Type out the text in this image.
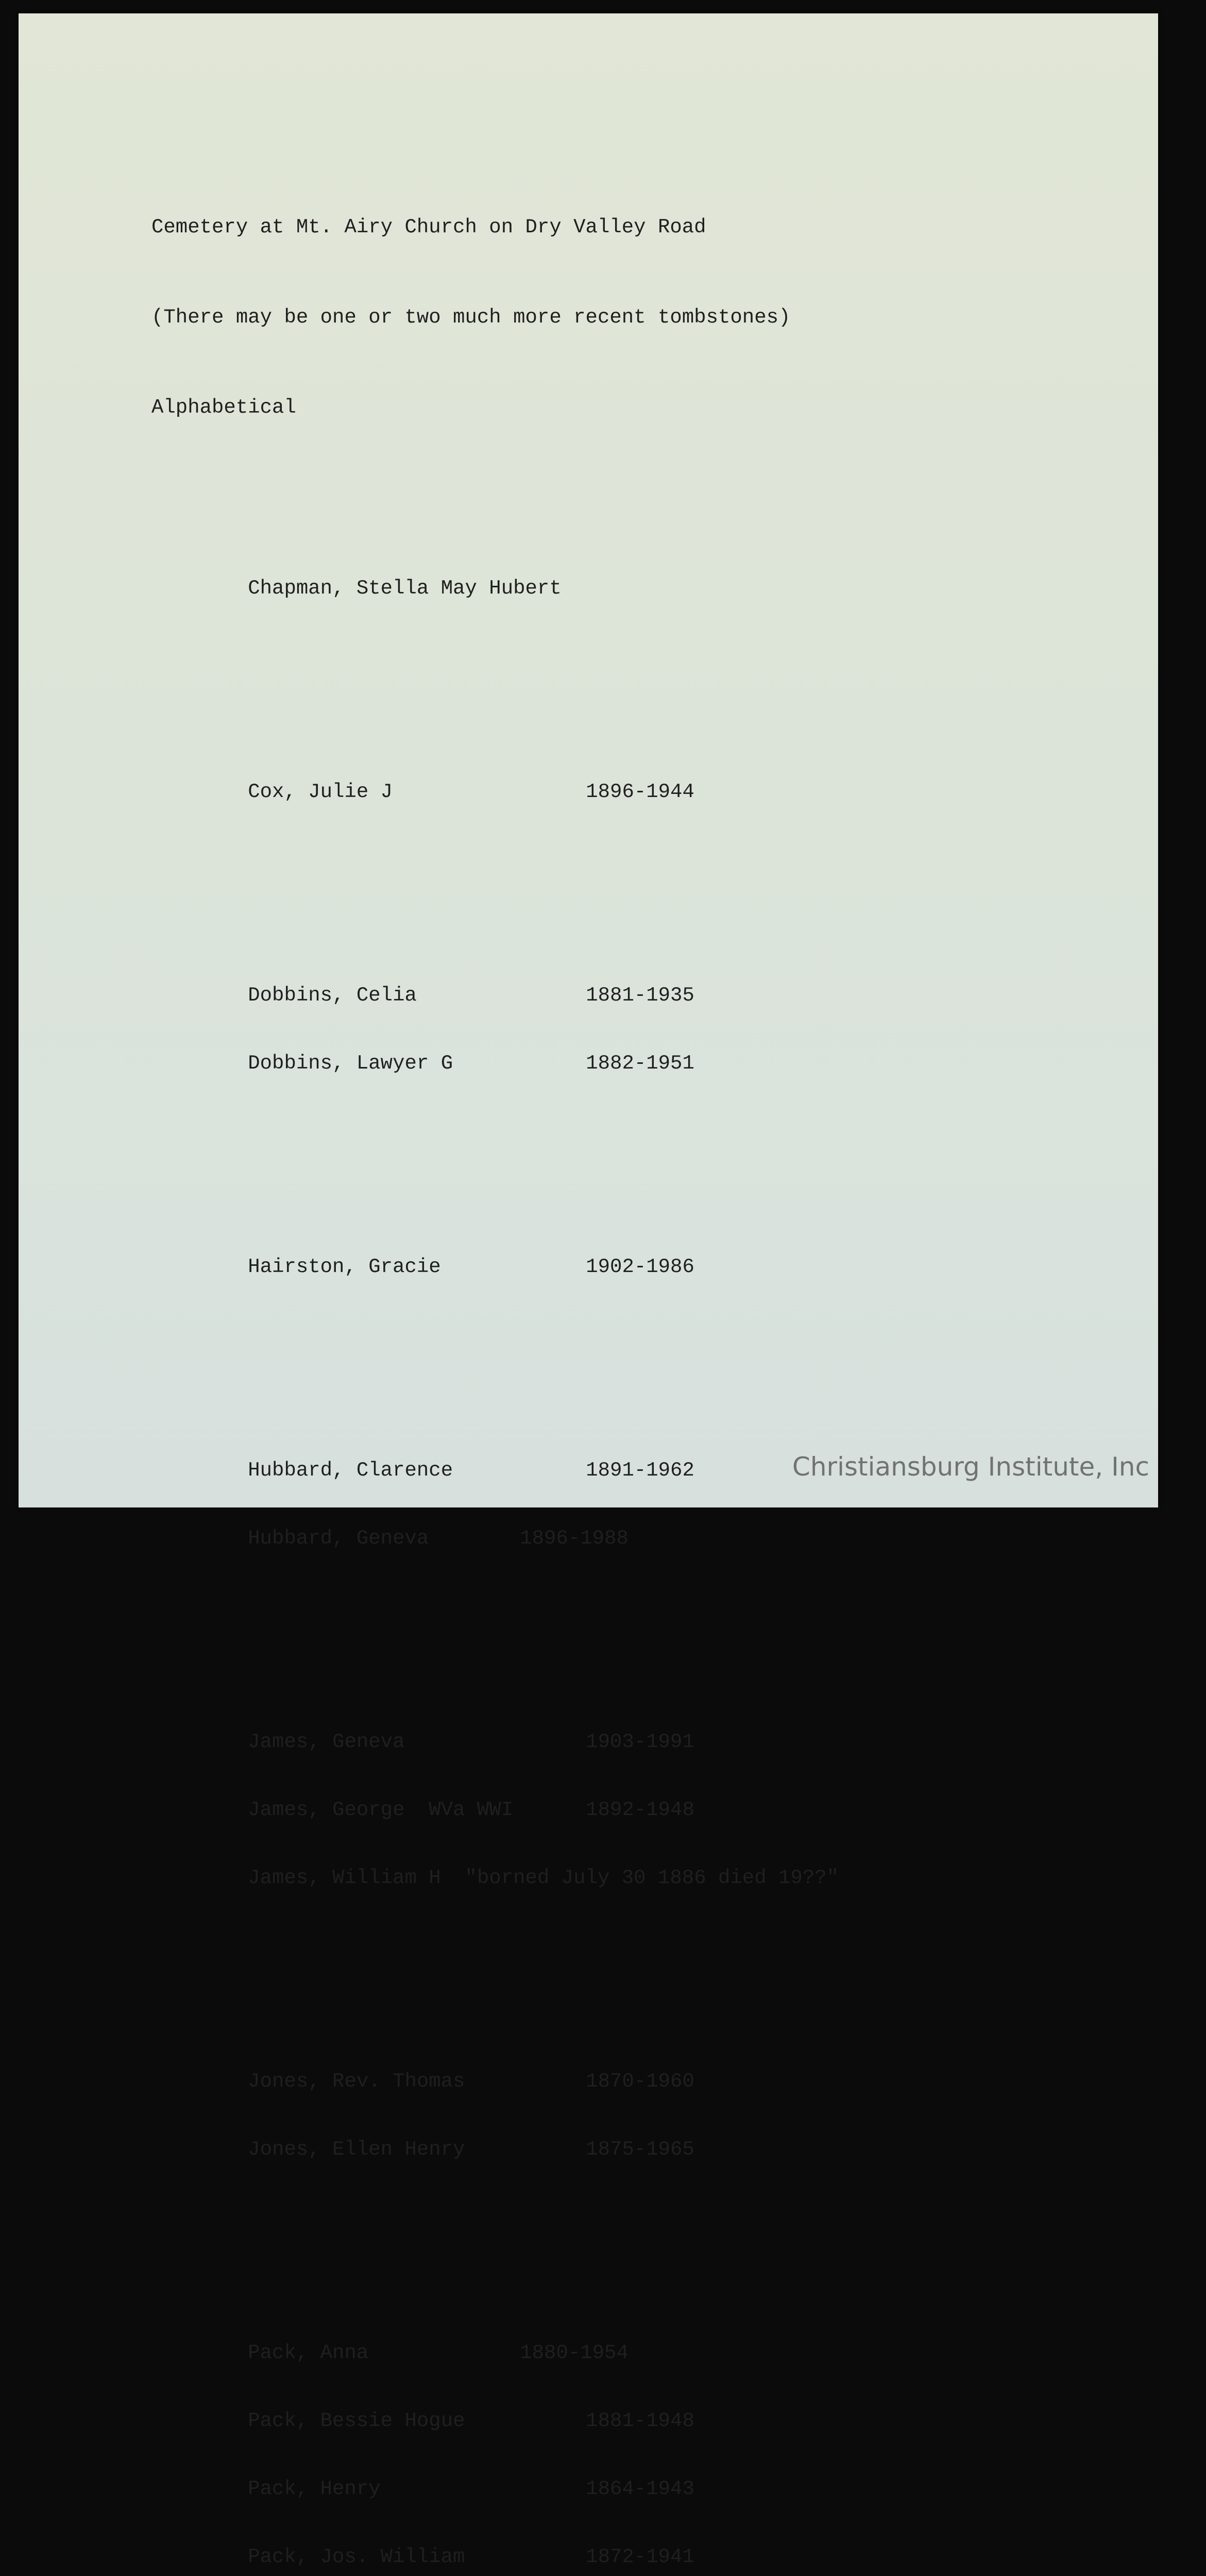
Cemetery at Mt. Airy Church on Dry Valley Road

(There may be one or two much more recent tombstones)

Alphabetical

Chapman, Stella May Hubert

Cox, Julie J	1896-1944

Dobbins, Celia	1881-1935

Dobbins, Lawyer G	1882-1951

Hairston, Gracie	1902-1986

Hubbard, Clarence	1891-1962

Hubbard, Geneva	1896-1988

James, Geneva	1903-1991

James, George  WVa WWI	1892-1948

James, William H "borned July 30 1886 died 19??"

Jones, Rev. Thomas	1870-1960

Jones, Ellen Henry	1875-1965

Pack, Anna	1880-1954

Pack, Bessie Hogue	1881-1948

Pack, Henry	1864-1943

Pack, Jos. William	1872-1941

Christiansburg Institute, Inc
